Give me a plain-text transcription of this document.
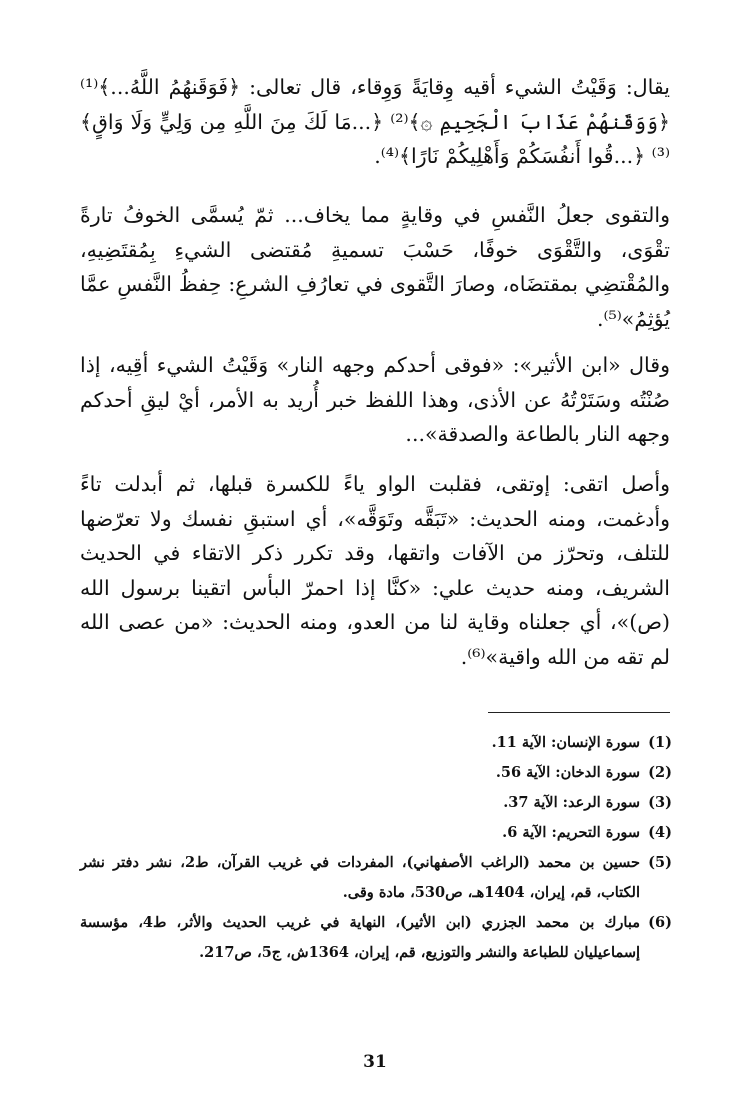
يقال: وَقَيْتُ الشيء أقيه وِقايَةً وَوِقاء، قال تعالى: ﴿فَوَقَنهُمُ اللَّهُ...﴾⁽¹⁾ ﴿وَوَقَنهُمْ عَذَابَ الْجَحِيمِ ۞﴾⁽²⁾ ﴿...مَا لَكَ مِنَ اللَّهِ مِن وَلِيٍّ وَلَا وَاقٍ﴾⁽³⁾ ﴿...قُوا أَنفُسَكُمْ وَأَهْلِيكُمْ نَارًا﴾⁽⁴⁾.

والتقوى جعلُ النَّفسِ في وقايةٍ مما يخاف... ثمّ يُسمَّى الخوفُ تارةً تقْوَى، والتَّقْوَى خوفًا، حَسْبَ تسميةِ مُقتضى الشيءِ بِمُقتَضِيهِ، والمُقْتضِي بمقتضَاه، وصارَ التَّقوى في تعارُفِ الشرعِ: حِفظُ النَّفسِ عمَّا يُؤثِمُ»⁽⁵⁾.

وقال «ابن الأثير»: «فوقى أحدكم وجهه النار» وَقَيْتُ الشيء أقِيه، إذا صُنْتُه وسَتَرْتُهُ عن الأذى، وهذا اللفظ خبر أُريد به الأمر، أيْ ليقِ أحدكم وجهه النار بالطاعة والصدقة»...

وأصل اتقى: إوتقى، فقلبت الواو ياءً للكسرة قبلها، ثم أبدلت تاءً وأدغمت، ومنه الحديث: «تَبَقَّه وتَوَقَّه»، أي استبقِ نفسك ولا تعرّضها للتلف، وتحرّز من الآفات واتقها، وقد تكرر ذكر الاتقاء في الحديث الشريف، ومنه حديث علي: «كنَّا إذا احمرّ البأس اتقينا برسول الله (ص)»، أي جعلناه وقاية لنا من العدو، ومنه الحديث: «من عصى الله لم تقه من الله واقية»⁽⁶⁾.

(1)
سورة الإنسان: الآية 11.
(2)
سورة الدخان: الآية 56.
(3)
سورة الرعد: الآية 37.
(4)
سورة التحريم: الآية 6.
(5)
حسين بن محمد (الراغب الأصفهاني)، المفردات في غريب القرآن، ط2، نشر دفتر نشر الكتاب، قم، إيران، 1404هـ، ص530، مادة وقى.
(6)
مبارك بن محمد الجزري (ابن الأثير)، النهاية في غريب الحديث والأثر، ط4، مؤسسة إسماعيليان للطباعة والنشر والتوزيع، قم، إيران، 1364ش، ج5، ص217.
31
